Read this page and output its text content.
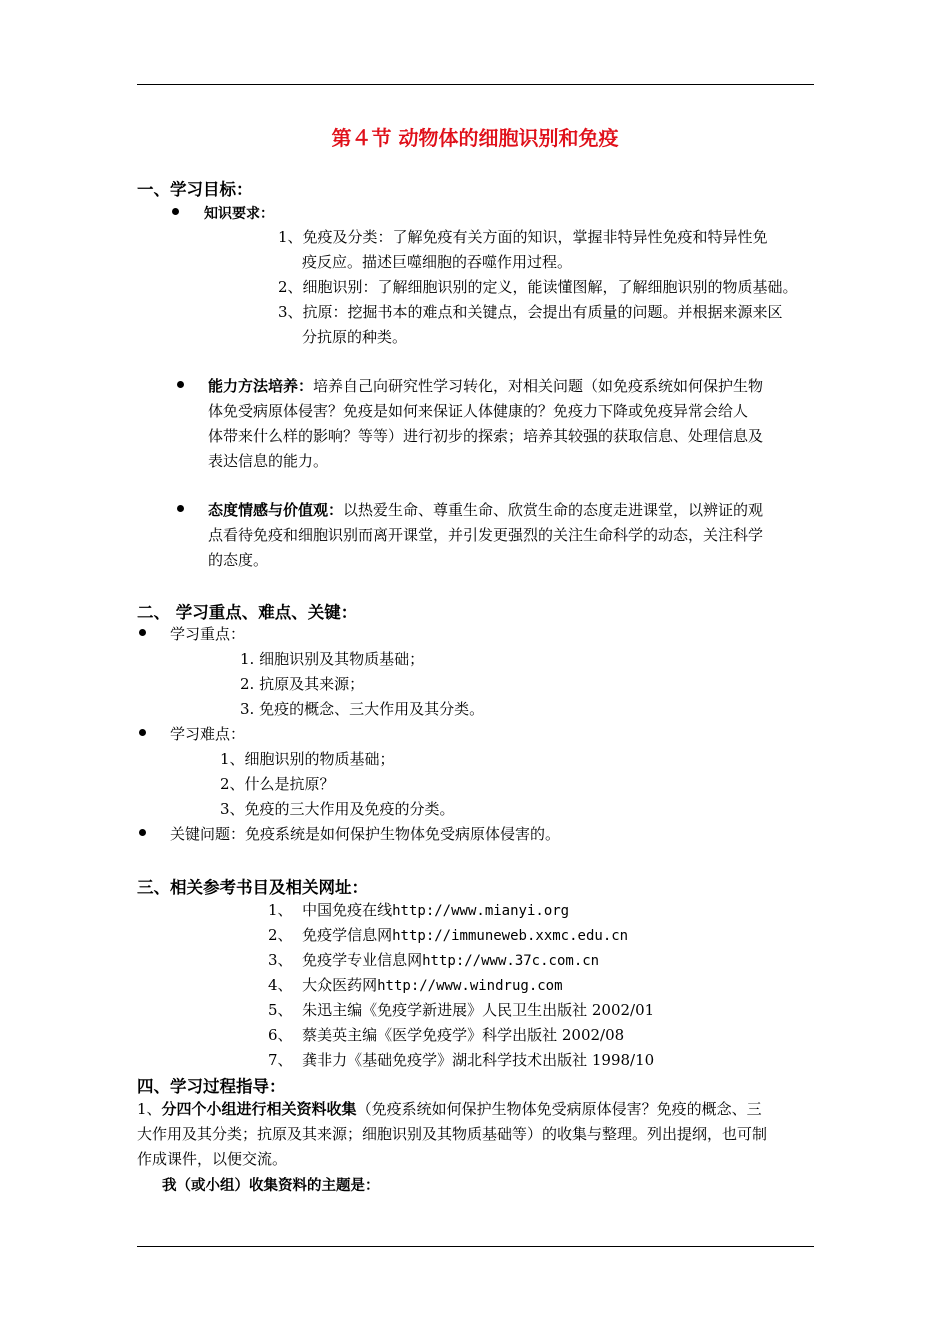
第４节 动物体的细胞识别和免疫
一、学习目标：
知识要求：
1、免疫及分类：了解免疫有关方面的知识，掌握非特异性免疫和特异性免
疫反应。描述巨噬细胞的吞噬作用过程。
2、细胞识别：了解细胞识别的定义，能读懂图解，了解细胞识别的物质基础。
3、抗原：挖掘书本的难点和关键点，会提出有质量的问题。并根据来源来区
分抗原的种类。
能力方法培养：培养自己向研究性学习转化，对相关问题（如免疫系统如何保护生物
体免受病原体侵害？免疫是如何来保证人体健康的？免疫力下降或免疫异常会给人
体带来什么样的影响？等等）进行初步的探索；培养其较强的获取信息、处理信息及
表达信息的能力。
态度情感与价值观：以热爱生命、尊重生命、欣赏生命的态度走进课堂，以辨证的观
点看待免疫和细胞识别而离开课堂，并引发更强烈的关注生命科学的动态，关注科学
的态度。
二、 学习重点、难点、关键：
学习重点：
1. 细胞识别及其物质基础；
2. 抗原及其来源；
3. 免疫的概念、三大作用及其分类。
学习难点：
1、细胞识别的物质基础；
2、什么是抗原？
3、免疫的三大作用及免疫的分类。
关键问题：免疫系统是如何保护生物体免受病原体侵害的。
三、相关参考书目及相关网址：
1、 中国免疫在线http://www.mianyi.org
2、 免疫学信息网http://immuneweb.xxmc.edu.cn
3、 免疫学专业信息网http://www.37c.com.cn
4、 大众医药网http://www.windrug.com
5、 朱迅主编《免疫学新进展》人民卫生出版社 2002/01
6、 蔡美英主编《医学免疫学》科学出版社 2002/08
7、 龚非力《基础免疫学》湖北科学技术出版社 1998/10
四、学习过程指导：
1、分四个小组进行相关资料收集（免疫系统如何保护生物体免受病原体侵害？免疫的概念、三
大作用及其分类；抗原及其来源；细胞识别及其物质基础等）的收集与整理。列出提纲，也可制
作成课件，以便交流。
我（或小组）收集资料的主题是：
